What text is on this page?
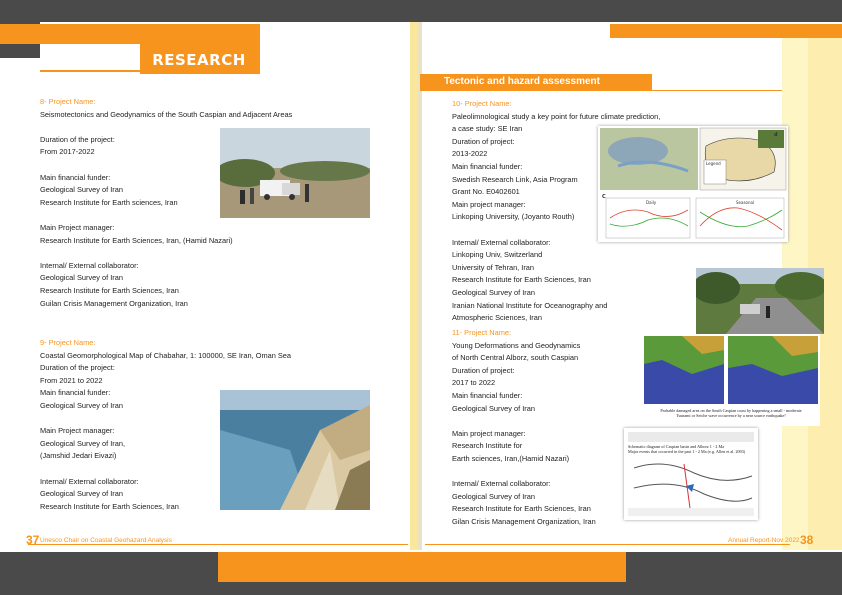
RESEARCH PROJECT	Tectonic and hazard assessment
8- Project Name:
Seismotectonics and Geodynamics of the South Caspian and Adjacent Areas
Duration of the project:
From 2017-2022
Main financial funder:
Geological Survey of Iran
Research Institute for Earth sciences, Iran
Main Project manager:
Research Institute for Earth Sciences, Iran, (Hamid Nazari)
Internal/ External collaborator:
Geological Survey of Iran
Research Institute for Earth Sciences, Iran
Guilan Crisis Management Organization, Iran
9- Project Name:
Coastal Geomorphological Map of Chabahar, 1: 100000, SE Iran, Oman Sea
Duration of the project:
From 2021 to 2022
Main financial funder:
Geological Survey of Iran
Main Project manager:
Geological Survey of Iran,
(Jamshid Jedari Eivazi)
Internal/ External collaborator:
Geological Survey of Iran
Research Institute for Earth Sciences, Iran
10- Project Name:
Paleolimnological study a key point for future climate prediction,
a case study: SE Iran
Duration of project:
2013-2022
Main financial funder:
Swedish Research Link, Asia Program
Grant No. E0402601
Main project manager:
Linkoping University, (Joyanto Routh)
Internal/ External collaborator:
Linkoping Univ, Switzerland
University of Tehran, Iran
Research Institute for Earth Sciences, Iran
Geological Survey of Iran
Iranian National Institute for Oceanography and
Atmospheric Sciences, Iran
11- Project Name:
Young Deformations and Geodynamics
of North Central Alborz, south Caspian
Duration of project:
2017 to 2022
Main financial funder:
Geological Survey of Iran
Main project manager:
Research Institute for
Earth sciences, Iran,(Hamid Nazari)
Internal/ External collaborator:
Geological Survey of Iran
Research Institute for Earth Sciences, Iran
Gilan Crisis Management Organization, Iran
Legend
C
d
Daily	Seasonal
Probable damaged area on the South Caspian coast by happening a small - moderate
Tsunami or Seiche wave occurrence by a near source earthquake!
Schematic diagram of Caspian basin and Alborz 1 - 2 Ma
Major events that occurred in the past 1 - 2 Ma (e.g. Allen et al. 2003)
37 Unesco Chair on Coastal Geohazard Analysis	Annual Report-Nov 2022 38
